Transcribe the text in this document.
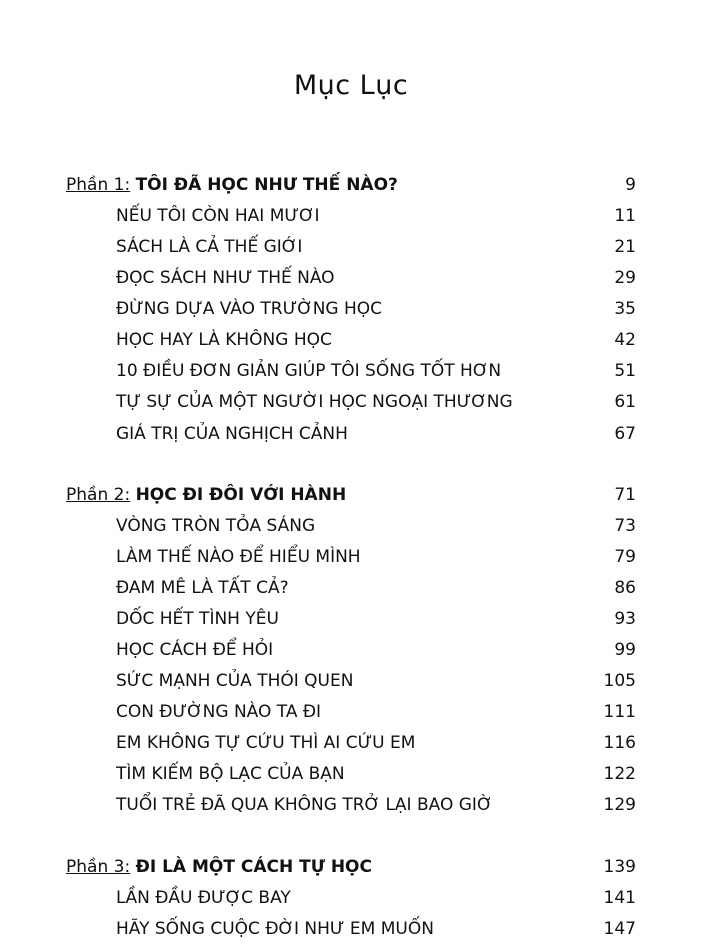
Mục Lục
Phần 1: TÔI ĐÃ HỌC NHƯ THẾ NÀO?	9
NẾU TÔI CÒN HAI MƯƠI	11
SÁCH LÀ CẢ THẾ GIỚI	21
ĐỌC SÁCH NHƯ THẾ NÀO	29
ĐỪNG DỰA VÀO TRƯỜNG HỌC	35
HỌC HAY LÀ KHÔNG HỌC	42
10 ĐIỀU ĐƠN GIẢN GIÚP TÔI SỐNG TỐT HƠN	51
TỰ SỰ CỦA MỘT NGƯỜI HỌC NGOẠI THƯƠNG	61
GIÁ TRỊ CỦA NGHỊCH CẢNH	67
Phần 2: HỌC ĐI ĐÔI VỚI HÀNH	71
VÒNG TRÒN TỎA SÁNG	73
LÀM THẾ NÀO ĐỂ HIỂU MÌNH	79
ĐAM MÊ LÀ TẤT CẢ?	86
DỐC HẾT TÌNH YÊU	93
HỌC CÁCH ĐỂ HỎI	99
SỨC MẠNH CỦA THÓI QUEN	105
CON ĐƯỜNG NÀO TA ĐI	111
EM KHÔNG TỰ CỨU THÌ AI CỨU EM	116
TÌM KIẾM BỘ LẠC CỦA BẠN	122
TUỔI TRẺ ĐÃ QUA KHÔNG TRỞ LẠI BAO GIỜ	129
Phần 3: ĐI LÀ MỘT CÁCH TỰ HỌC	139
LẦN ĐẦU ĐƯỢC BAY	141
HÃY SỐNG CUỘC ĐỜI NHƯ EM MUỐN	147
